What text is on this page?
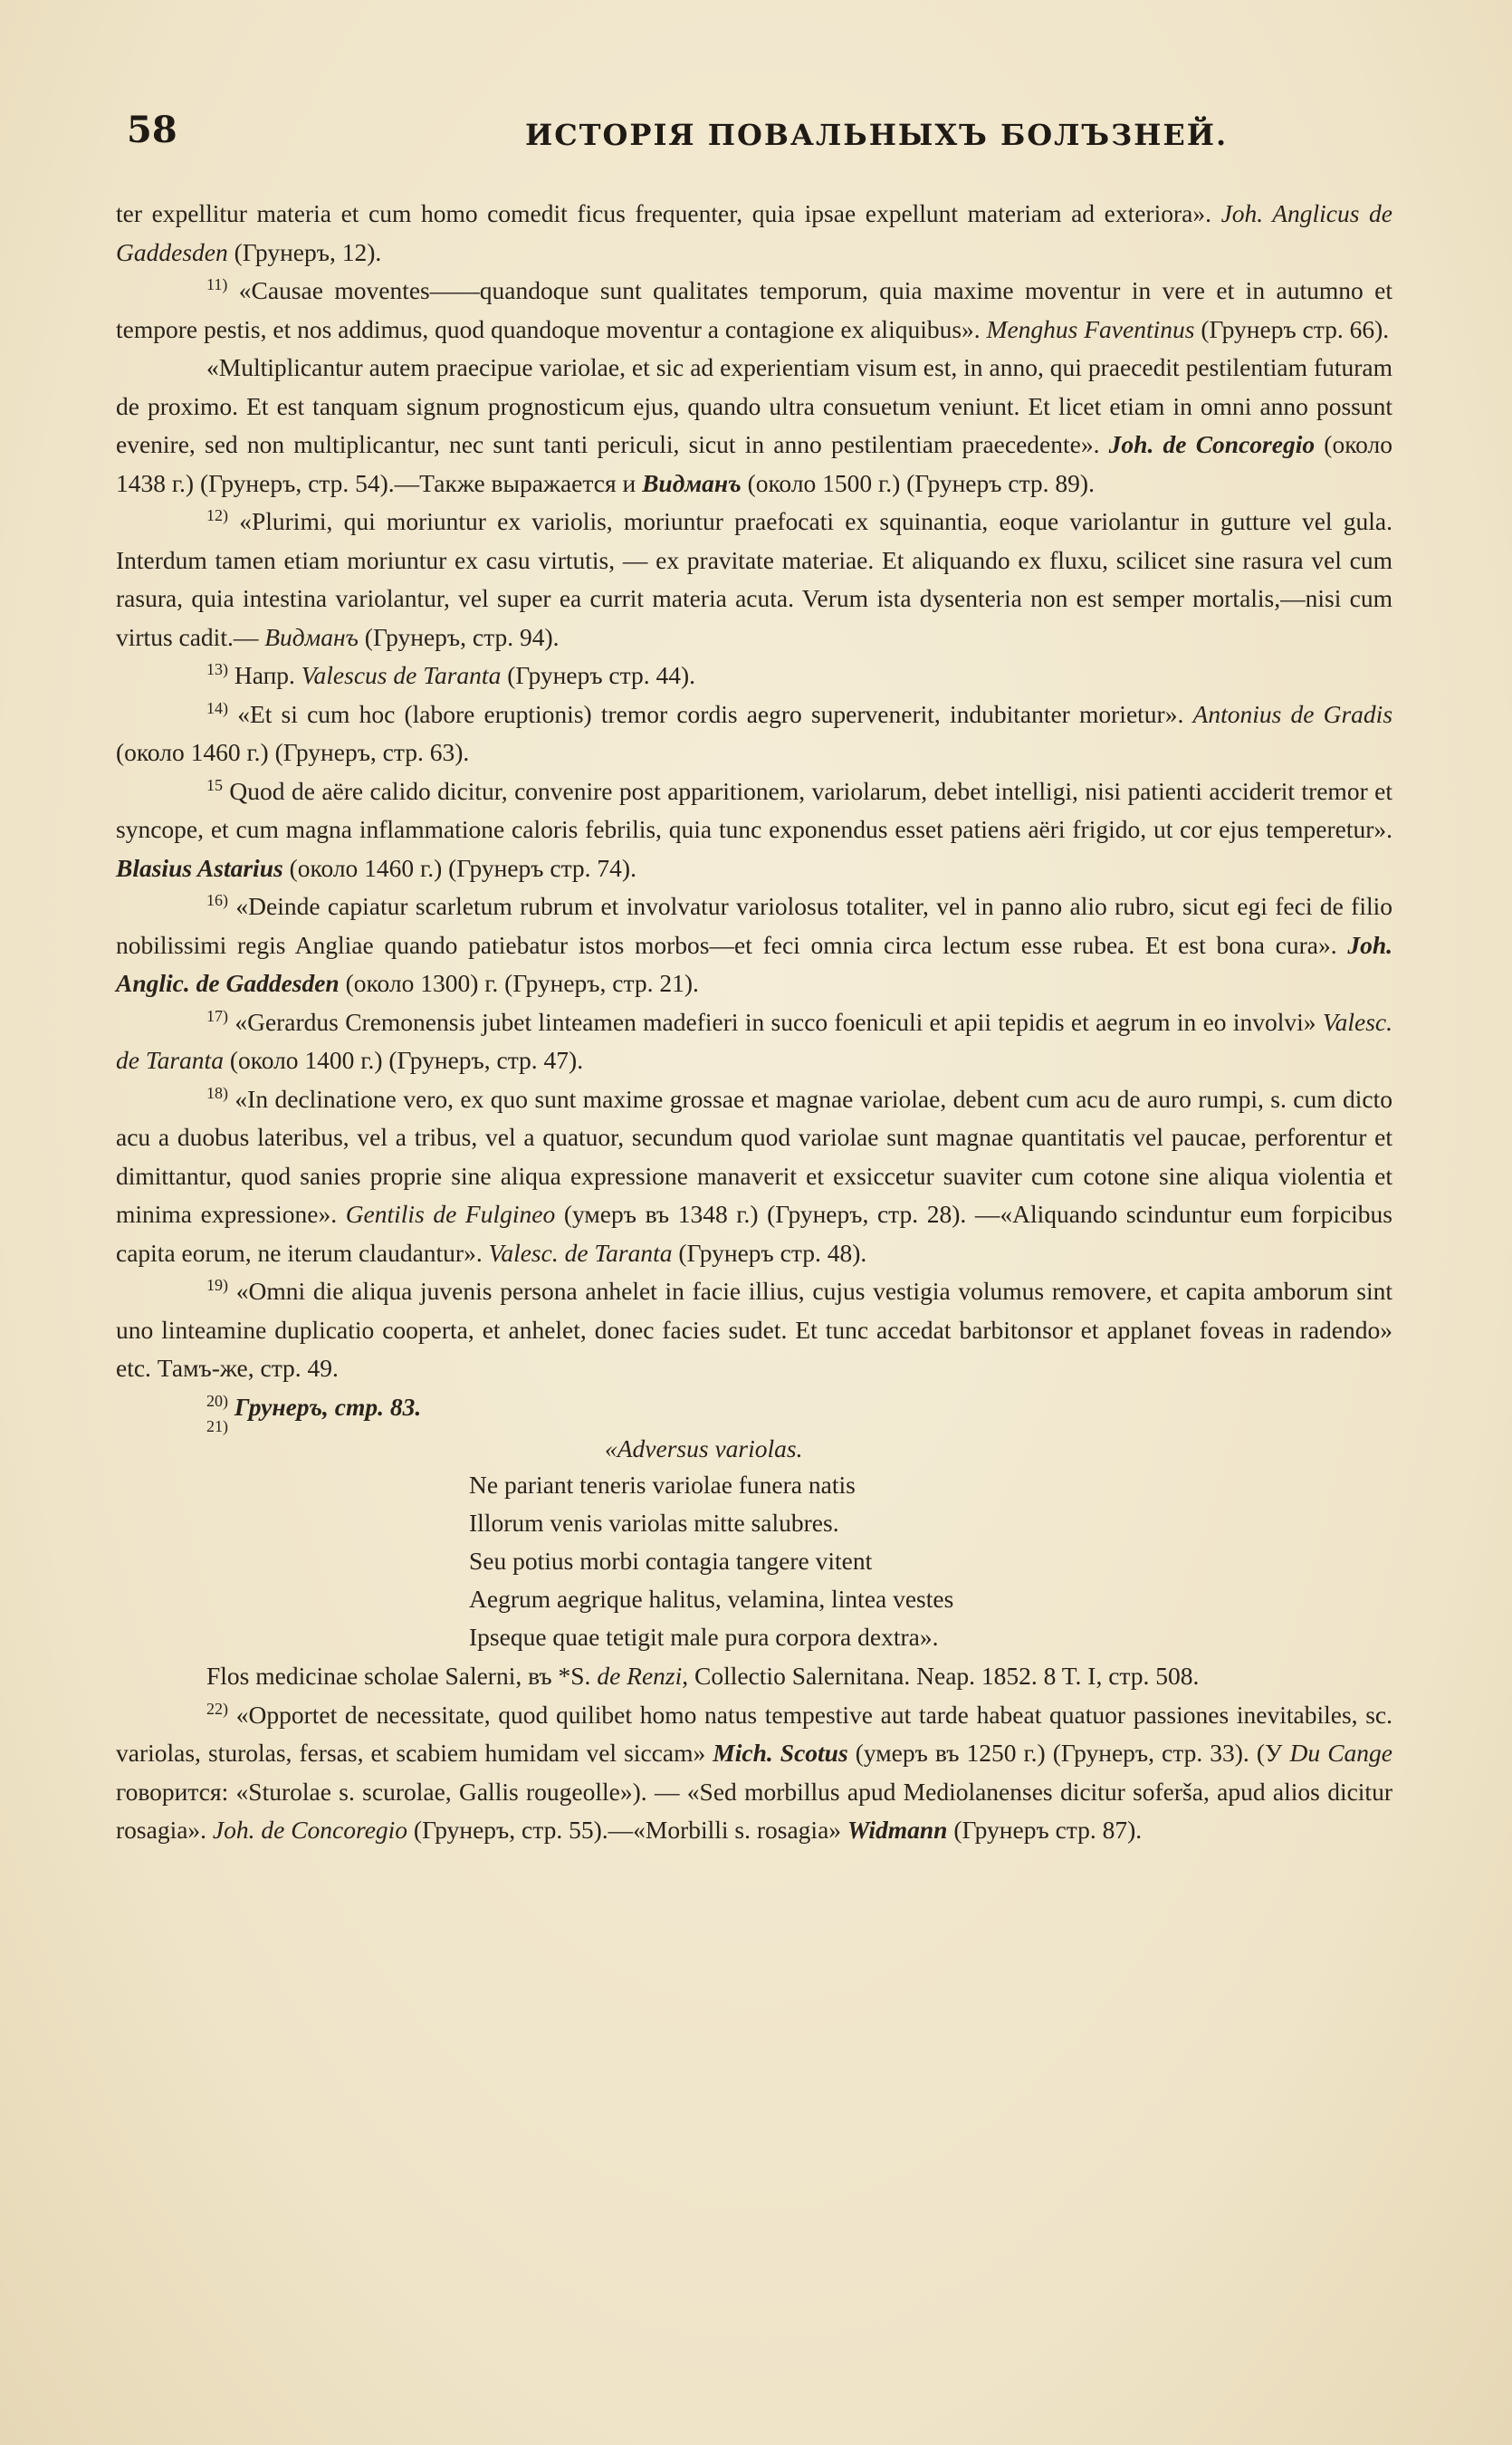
58	ИСТОРІЯ ПОВАЛЬНЫХЪ БОЛЪЗНЕЙ.

ter expellitur materia et cum homo comedit ficus frequenter, quia ipsae expellunt materiam ad exteriora». Joh. Anglicus de Gaddesden (Грунеръ, 12).

$^{11)}$ «Causae moventes——quandoque sunt qualitates temporum, quia maxime moventur in vere et in autumno et tempore pestis, et nos addimus, quod quandoque moventur a contagione ex aliquibus». Menghus Faventinus (Грунеръ стр. 66).

«Multiplicantur autem praecipue variolae, et sic ad experientiam visum est, in anno, qui praecedit pestilentiam futuram de proximo. Et est tanquam signum prognosticum ejus, quando ultra consuetum veniunt. Et licet etiam in omni anno possunt evenire, sed non multiplicantur, nec sunt tanti periculi, sicut in anno pestilentiam praecedente». Joh. de Concoregio (около 1438 г.) (Грунеръ, стр. 54).—Также выражается и Видманъ (около 1500 г.) (Грунеръ стр. 89).

$^{12)}$ «Plurimi, qui moriuntur ex variolis, moriuntur praefocati ex squinantia, eoque variolantur in gutture vel gula. Interdum tamen etiam moriuntur ex casu virtutis, — ex pravitate materiae. Et aliquando ex fluxu, scilicet sine rasura vel cum rasura, quia intestina variolantur, vel super ea currit materia acuta. Verum ista dysenteria non est semper mortalis,—nisi cum virtus cadit.— Видманъ (Грунеръ, стр. 94).

$^{13)}$ Напр. Valescus de Taranta (Грунеръ стр. 44).

$^{14)}$ «Et si cum hoc (labore eruptionis) tremor cordis aegro supervenerit, indubitanter morietur». Antonius de Gradis (около 1460 г.) (Грунеръ, стр. 63).

$^{15}$ Quod de aëre calido dicitur, convenire post apparitionem, variolarum, debet intelligi, nisi patienti acciderit tremor et syncope, et cum magna inflammatione caloris febrilis, quia tunc exponendus esset patiens aëri frigido, ut cor ejus temperetur». Blasius Astarius (около 1460 г.) (Грунеръ стр. 74).

$^{16)}$ «Deinde capiatur scarletum rubrum et involvatur variolosus totaliter, vel in panno alio rubro, sicut egi feci de filio nobilissimi regis Angliae quando patiebatur istos morbos—et feci omnia circa lectum esse rubea. Et est bona cura». Joh. Anglic. de Gaddesden (около 1300) г. (Грунеръ, стр. 21).

$^{17)}$ «Gerardus Cremonensis jubet linteamen madefieri in succo foeniculi et apii tepidis et aegrum in eo involvi» Valesc. de Taranta (около 1400 г.) (Грунеръ, стр. 47).

$^{18)}$ «In declinatione vero, ex quo sunt maxime grossae et magnae variolae, debent cum acu de auro rumpi, s. cum dicto acu a duobus lateribus, vel a tribus, vel a quatuor, secundum quod variolae sunt magnae quantitatis vel paucae, perforentur et dimittantur, quod sanies proprie sine aliqua expressione manaverit et exsiccetur suaviter cum cotone sine aliqua violentia et minima expressione». Gentilis de Fulgineo (умеръ въ 1348 г.) (Грунеръ, стр. 28). —«Aliquando scinduntur eum forpicibus capita eorum, ne iterum claudantur». Valesc. de Taranta (Грунеръ стр. 48).

$^{19)}$ «Omni die aliqua juvenis persona anhelet in facie illius, cujus vestigia volumus removere, et capita amborum sint uno linteamine duplicatio cooperta, et anhelet, donec facies sudet. Et tunc accedat barbitonsor et applanet foveas in radendo» etc. Тамъ-же, стр. 49.

$^{20)}$ Грунеръ, стр. 83.

21)
«Adversus variolas.
Ne pariant teneris variolae funera natis
Illorum venis variolas mitte salubres.
Seu potius morbi contagia tangere vitent
Aegrum aegrique halitus, velamina, lintea vestes
Ipseque quae tetigit male pura corpora dextra».

Flos medicinae scholae Salerni, въ *S. de Renzi, Collectio Salernitana. Neap. 1852. 8 T. I, стр. 508.

$^{22)}$ «Opportet de necessitate, quod quilibet homo natus tempestive aut tarde habeat quatuor passiones inevitabiles, sc. variolas, sturolas, fersas, et scabiem humidam vel siccam» Mich. Scotus (умеръ въ 1250 г.) (Грунеръ, стр. 33). (У Du Cange говорится: «Sturolae s. scurolae, Gallis rougeolle»). — «Sed morbillus apud Mediolanenses dicitur soferša, apud alios dicitur rosagia». Joh. de Concoregio (Грунеръ, стр. 55).—«Morbilli s. rosagia» Widmann (Грунеръ стр. 87).
